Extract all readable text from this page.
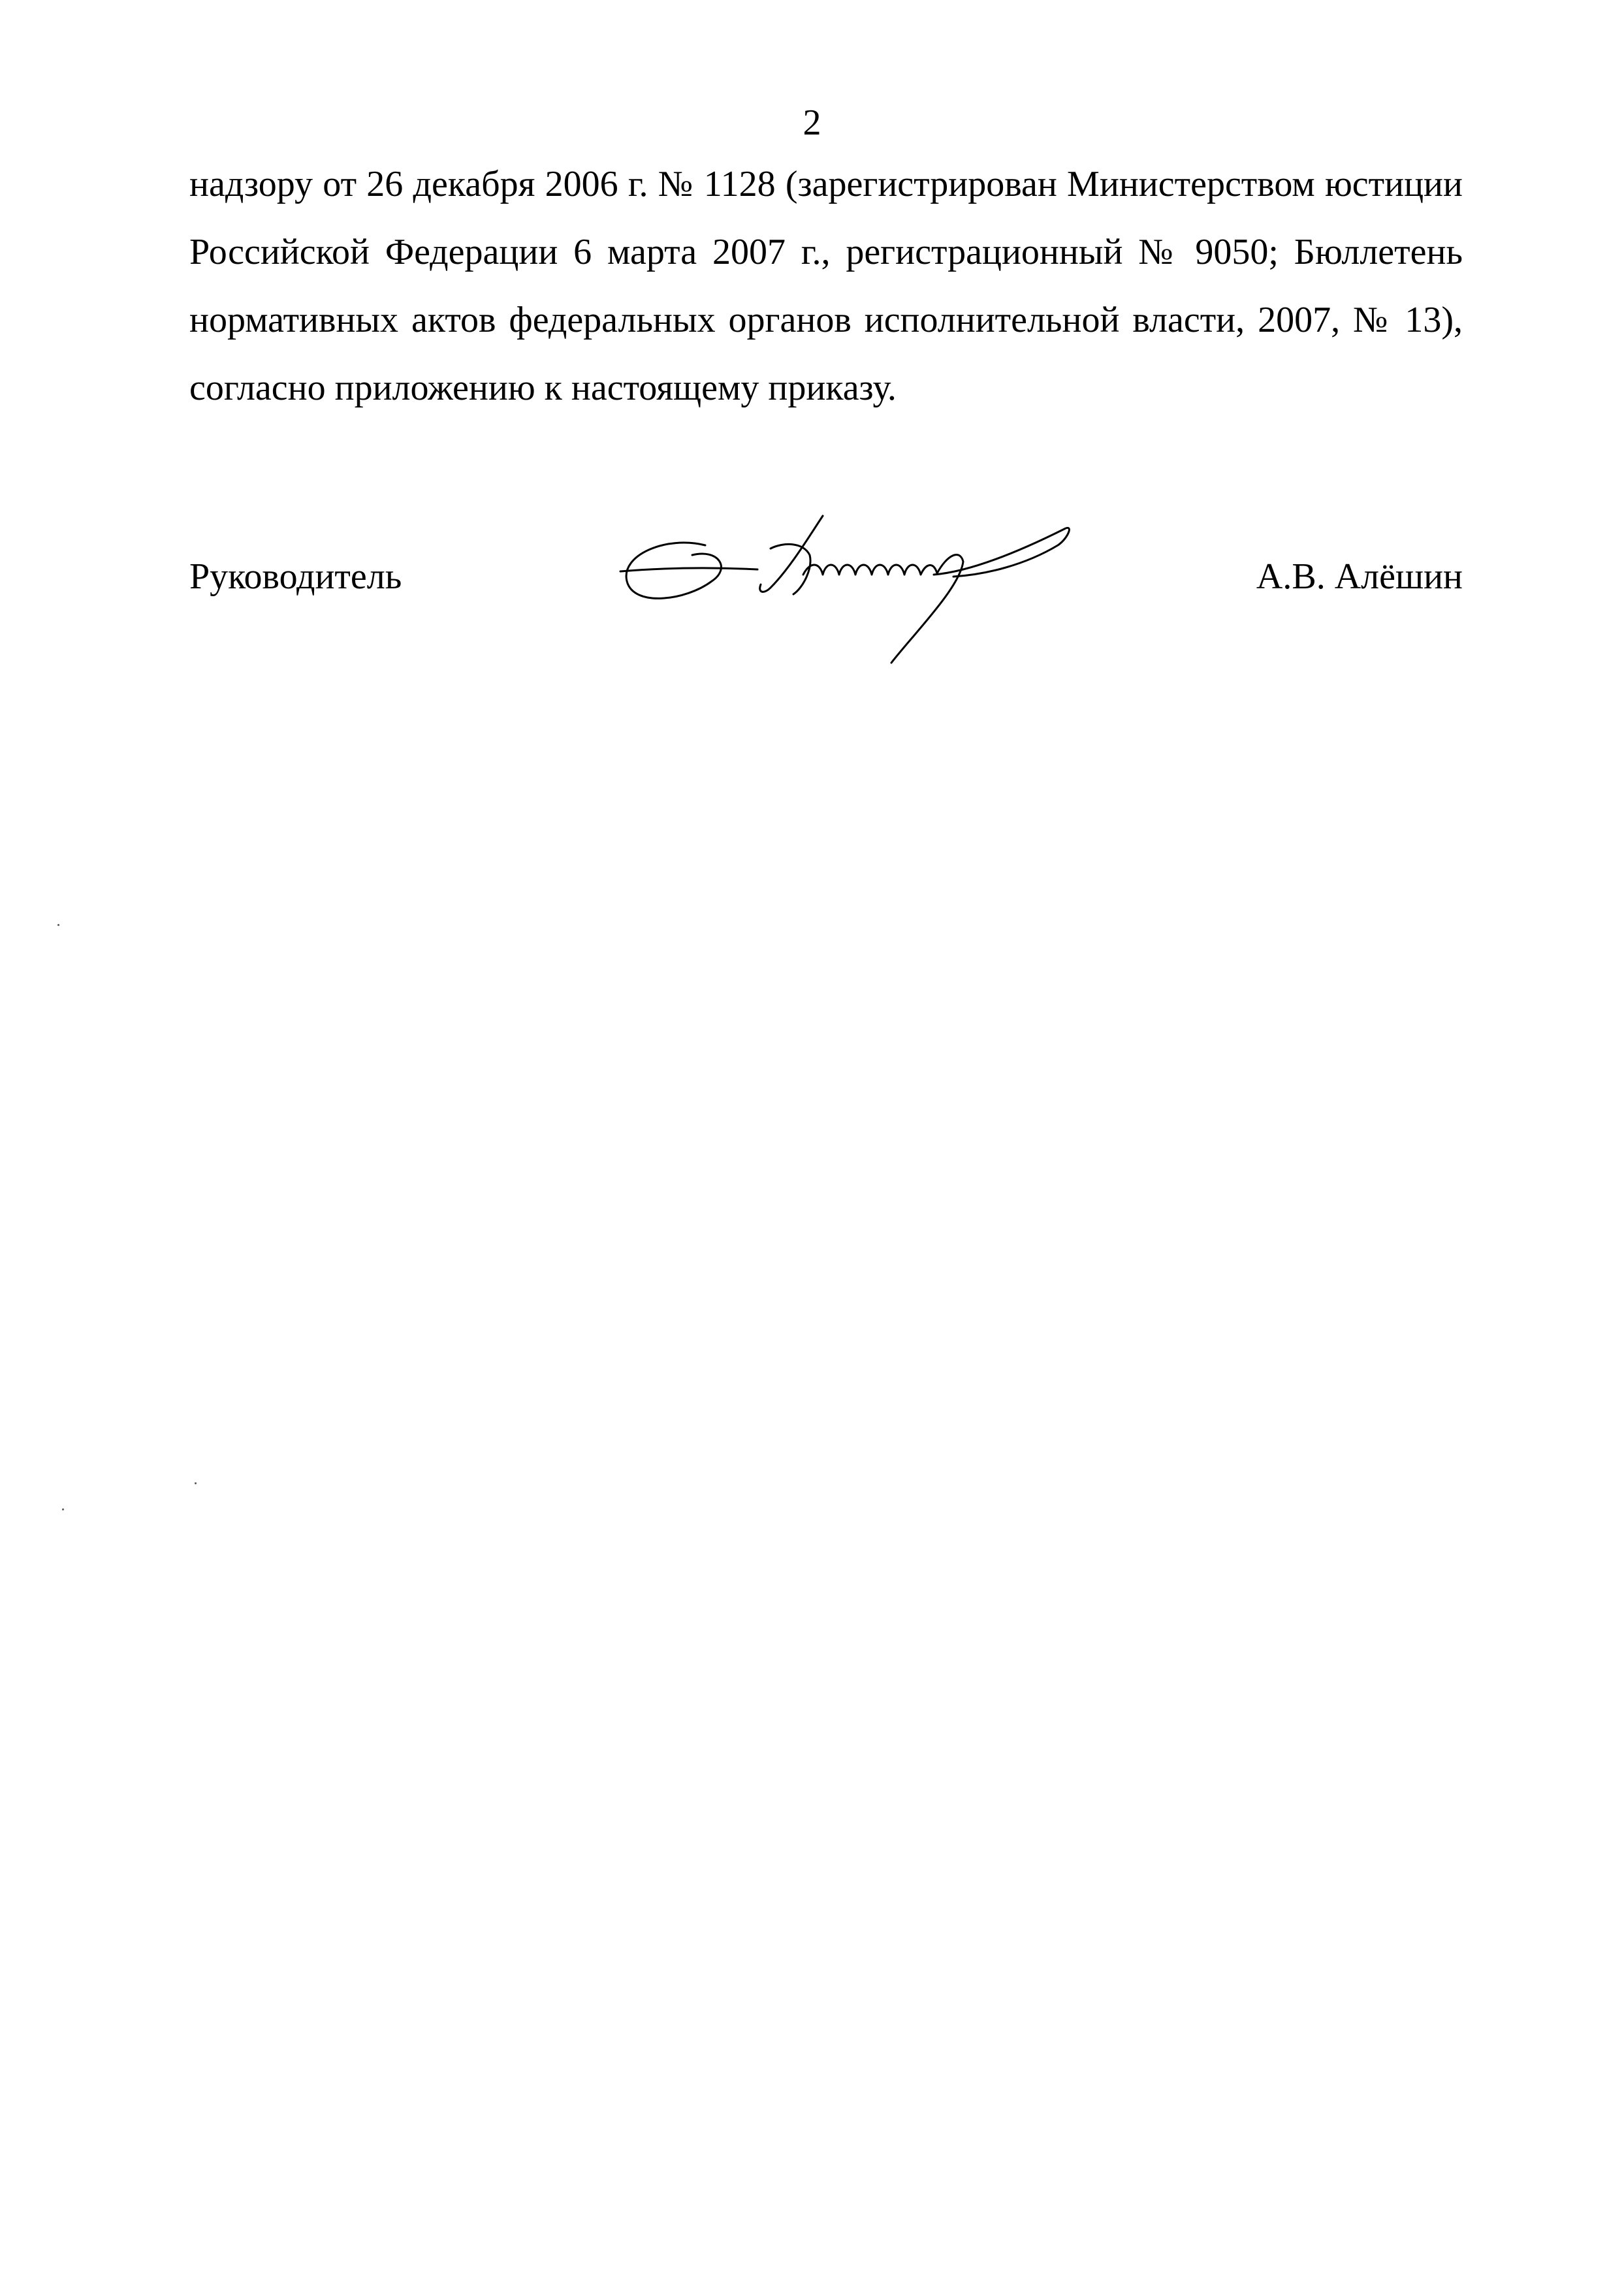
2

надзору от 26 декабря 2006 г. № 1128 (зарегистрирован Министерством юстиции Российской Федерации 6 марта 2007 г., регистрационный № 9050; Бюллетень нормативных актов федеральных органов исполнительной власти, 2007, № 13), согласно приложению к настоящему приказу.

Руководитель	А.В. Алёшин
